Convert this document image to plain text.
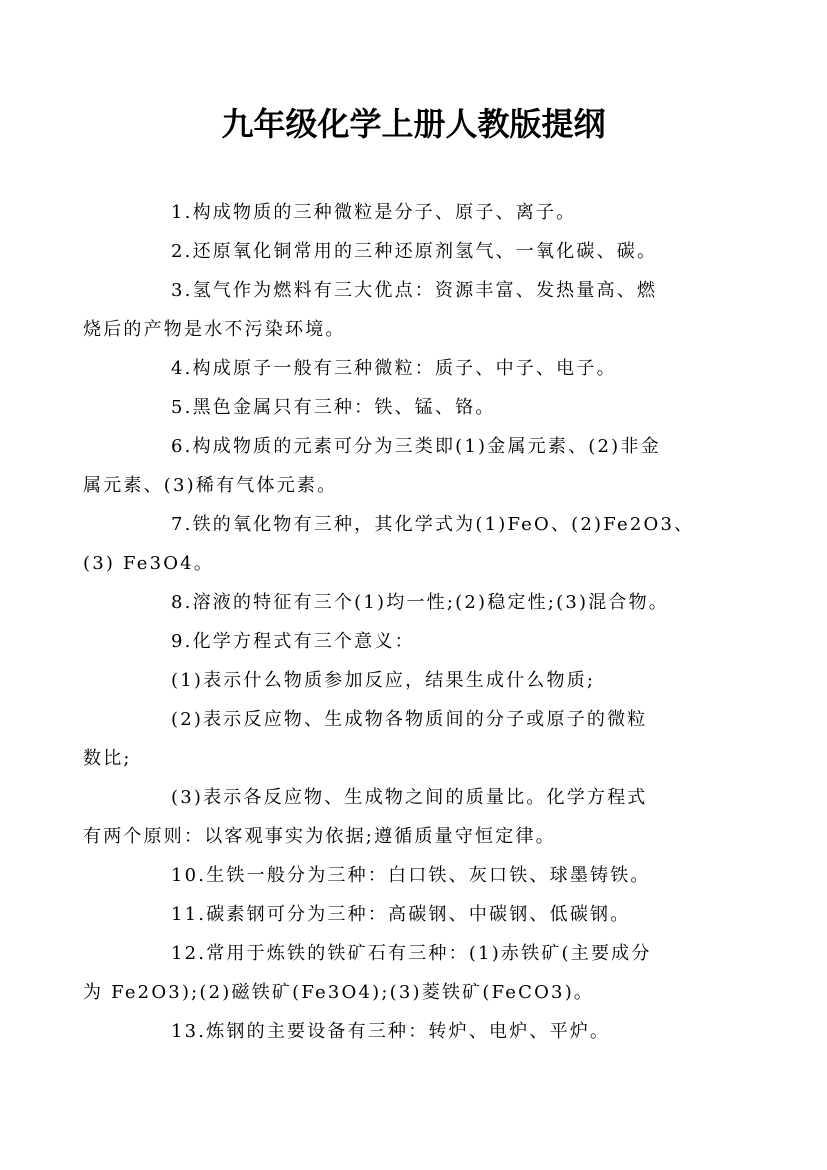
九年级化学上册人教版提纲

1.构成物质的三种微粒是分子、原子、离子。

2.还原氧化铜常用的三种还原剂氢气、一氧化碳、碳。

3.氢气作为燃料有三大优点：资源丰富、发热量高、燃
烧后的产物是水不污染环境。

4.构成原子一般有三种微粒：质子、中子、电子。

5.黑色金属只有三种：铁、锰、铬。

6.构成物质的元素可分为三类即(1)金属元素、(2)非金
属元素、(3)稀有气体元素。

7.铁的氧化物有三种，其化学式为(1)FeO、(2)Fe2O3、
(3) Fe3O4。

8.溶液的特征有三个(1)均一性;(2)稳定性;(3)混合物。

9.化学方程式有三个意义：

(1)表示什么物质参加反应，结果生成什么物质;

(2)表示反应物、生成物各物质间的分子或原子的微粒
数比;

(3)表示各反应物、生成物之间的质量比。化学方程式
有两个原则：以客观事实为依据;遵循质量守恒定律。

10.生铁一般分为三种：白口铁、灰口铁、球墨铸铁。

11.碳素钢可分为三种：高碳钢、中碳钢、低碳钢。

12.常用于炼铁的铁矿石有三种：(1)赤铁矿(主要成分
为 Fe2O3);(2)磁铁矿(Fe3O4);(3)菱铁矿(FeCO3)。

13.炼钢的主要设备有三种：转炉、电炉、平炉。
